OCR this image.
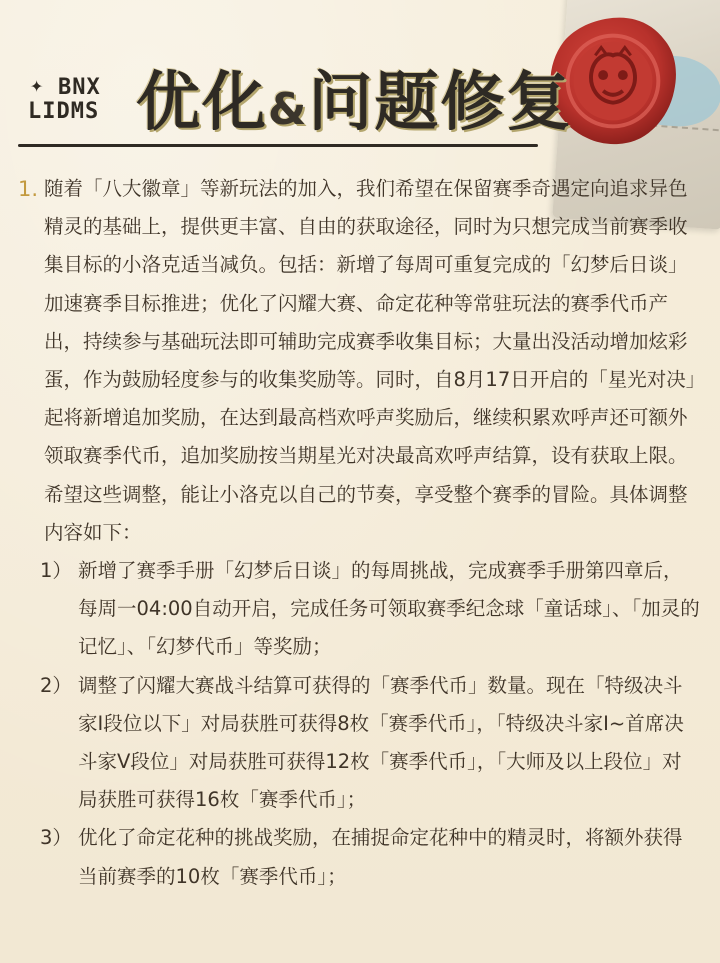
✦ BNX
LIDMS 优化&问题修复

1. 随着「八大徽章」等新玩法的加入，我们希望在保留赛季奇遇定向追求异色精灵的基础上，提供更丰富、自由的获取途径，同时为只想完成当前赛季收集目标的小洛克适当减负。包括：新增了每周可重复完成的「幻梦后日谈」加速赛季目标推进；优化了闪耀大赛、命定花种等常驻玩法的赛季代币产出，持续参与基础玩法即可辅助完成赛季收集目标；大量出没活动增加炫彩蛋，作为鼓励轻度参与的收集奖励等。同时，自8月17日开启的「星光对决」起将新增追加奖励，在达到最高档欢呼声奖励后，继续积累欢呼声还可额外领取赛季代币，追加奖励按当期星光对决最高欢呼声结算，设有获取上限。希望这些调整，能让小洛克以自己的节奏，享受整个赛季的冒险。具体调整内容如下：

1） 新增了赛季手册「幻梦后日谈」的每周挑战，完成赛季手册第四章后，每周一04:00自动开启，完成任务可领取赛季纪念球「童话球」、「加灵的记忆」、「幻梦代币」等奖励；

2） 调整了闪耀大赛战斗结算可获得的「赛季代币」数量。现在「特级决斗家I段位以下」对局获胜可获得8枚「赛季代币」，「特级决斗家I~首席决斗家V段位」对局获胜可获得12枚「赛季代币」，「大师及以上段位」对局获胜可获得16枚「赛季代币」；

3） 优化了命定花种的挑战奖励，在捕捉命定花种中的精灵时，将额外获得当前赛季的10枚「赛季代币」；
